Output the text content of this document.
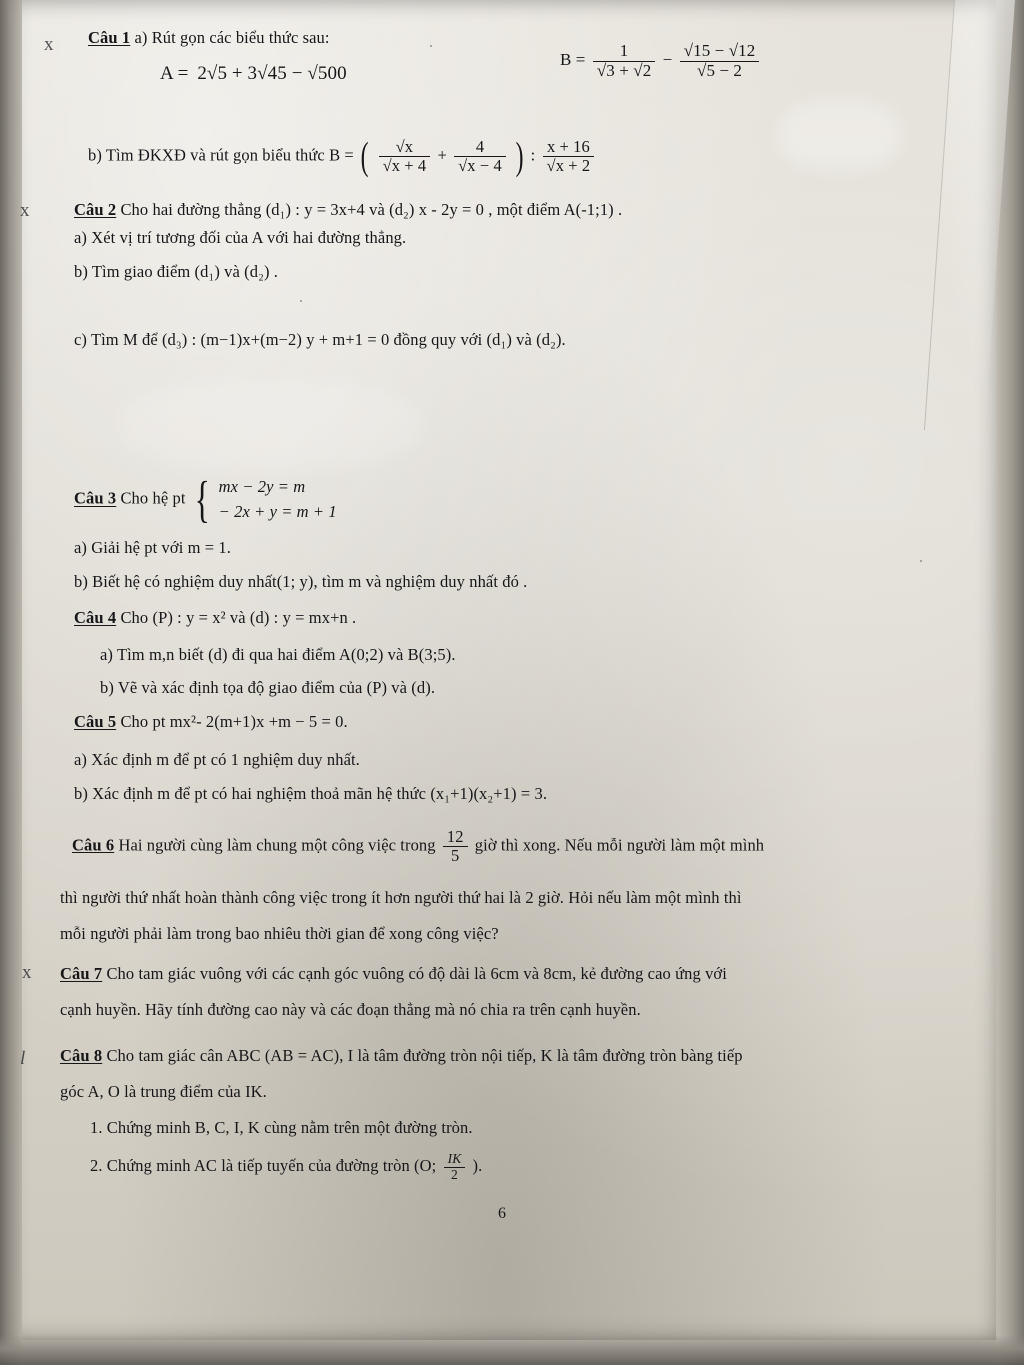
x
x
x
l
Câu 1 a) Rút gọn các biểu thức sau:
A = 2√5 + 3√45 − √500
$B = \frac{1}{√3 + √2} - \frac{√15 - √12}{√5 - 2}$
b) Tìm ĐKXĐ và rút gọn biểu thức B = ( $\frac{√x}{√x + 4} + \frac{4}{√x - 4}$ ) : $\frac{x + 16}{√x + 2}$
Câu 2 Cho hai đường thẳng (d₁) : y = 3x+4 và (d₂) x - 2y = 0 , một điểm A(-1;1) .
a) Xét vị trí tương đối của A với hai đường thẳng.
b) Tìm giao điểm (d₁) và (d₂) .
c) Tìm M để (d₃) : (m−1)x+(m−2) y + m+1 = 0 đồng quy với (d₁) và (d₂).
Câu 3 Cho hệ pt { mx − 2y = m
− 2x + y = m + 1
a) Giải hệ pt với m = 1.
b) Biết hệ có nghiệm duy nhất(1; y), tìm m và nghiệm duy nhất đó .
Câu 4 Cho (P) : y = x² và (d) : y = mx+n .
a) Tìm m,n biết (d) đi qua hai điểm A(0;2) và B(3;5).
b) Vẽ và xác định tọa độ giao điểm của (P) và (d).
Câu 5 Cho pt mx²- 2(m+1)x +m − 5 = 0.
a) Xác định m để pt có 1 nghiệm duy nhất.
b) Xác định m để pt có hai nghiệm thoả mãn hệ thức (x₁+1)(x₂+1) = 3.
Câu 6 Hai người cùng làm chung một công việc trong $\frac{12}{5}$ giờ thì xong. Nếu mỗi người làm một mình
thì người thứ nhất hoàn thành công việc trong ít hơn người thứ hai là 2 giờ. Hỏi nếu làm một mình thì
mỗi người phải làm trong bao nhiêu thời gian để xong công việc?
Câu 7 Cho tam giác vuông với các cạnh góc vuông có độ dài là 6cm và 8cm, kẻ đường cao ứng với
cạnh huyền. Hãy tính đường cao này và các đoạn thẳng mà nó chia ra trên cạnh huyền.
Câu 8 Cho tam giác cân ABC (AB = AC), I là tâm đường tròn nội tiếp, K là tâm đường tròn bàng tiếp
góc A, O là trung điểm của IK.
1. Chứng minh B, C, I, K cùng nằm trên một đường tròn.
2. Chứng minh AC là tiếp tuyến của đường tròn (O; $\frac{IK}{2}$ ).
6
